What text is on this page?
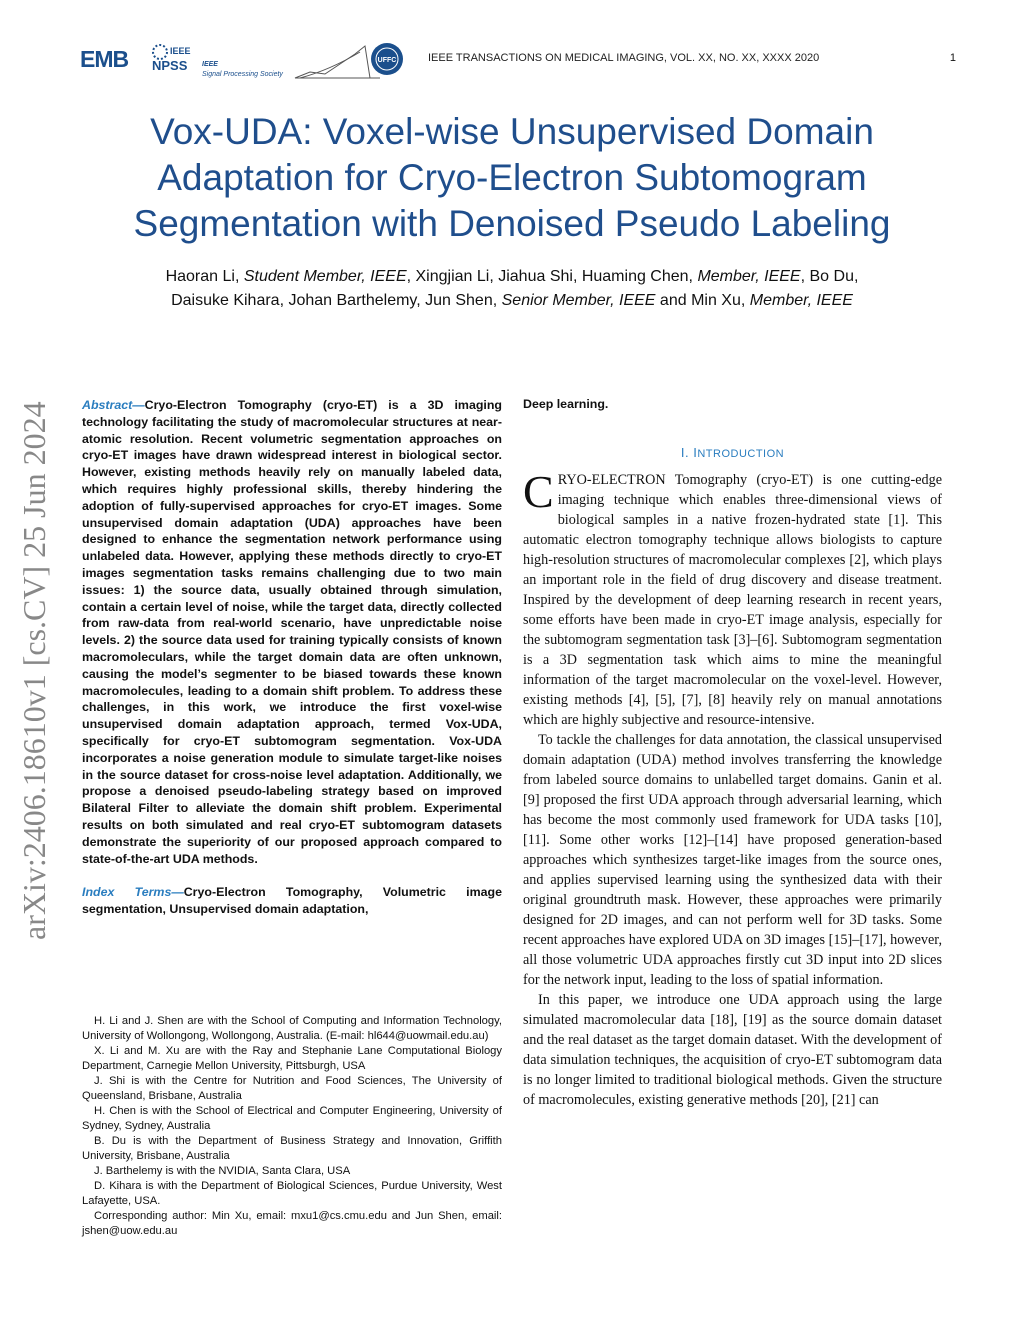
EMB	IEEE
NPSS IEEE
Signal Processing Society
UFFC	IEEE TRANSACTIONS ON MEDICAL IMAGING, VOL. XX, NO. XX, XXXX 2020	1
Vox-UDA: Voxel-wise Unsupervised Domain Adaptation for Cryo-Electron Subtomogram Segmentation with Denoised Pseudo Labeling
Haoran Li, Student Member, IEEE, Xingjian Li, Jiahua Shi, Huaming Chen, Member, IEEE, Bo Du,
Daisuke Kihara, Johan Barthelemy, Jun Shen, Senior Member, IEEE and Min Xu, Member, IEEE
arXiv:2406.18610v1 [cs.CV] 25 Jun 2024	Abstract—Cryo-Electron Tomography (cryo-ET) is a 3D imaging technology facilitating the study of macromolecular structures at near-atomic resolution. Recent volumetric segmentation approaches on cryo-ET images have drawn widespread interest in biological sector. However, existing methods heavily rely on manually labeled data, which requires highly professional skills, thereby hindering the adoption of fully-supervised approaches for cryo-ET images. Some unsupervised domain adaptation (UDA) approaches have been designed to enhance the segmentation network performance using unlabeled data. However, applying these methods directly to cryo-ET images segmentation tasks remains challenging due to two main issues: 1) the source data, usually obtained through simulation, contain a certain level of noise, while the target data, directly collected from raw-data from real-world scenario, have unpredictable noise levels. 2) the source data used for training typically consists of known macromoleculars, while the target domain data are often unknown, causing the model’s segmenter to be biased towards these known macromolecules, leading to a domain shift problem. To address these challenges, in this work, we introduce the first voxel-wise unsupervised domain adaptation approach, termed Vox-UDA, specifically for cryo-ET subtomogram segmentation. Vox-UDA incorporates a noise generation module to simulate target-like noises in the source dataset for cross-noise level adaptation. Additionally, we propose a denoised pseudo-labeling strategy based on improved Bilateral Filter to alleviate the domain shift problem. Experimental results on both simulated and real cryo-ET subtomogram datasets demonstrate the superiority of our proposed approach compared to state-of-the-art UDA methods.

Index Terms—Cryo-Electron Tomography, Volumetric image segmentation, Unsupervised domain adaptation,

H. Li and J. Shen are with the School of Computing and Information Technology, University of Wollongong, Wollongong, Australia. (E-mail: hl644@uowmail.edu.au)

X. Li and M. Xu are with the Ray and Stephanie Lane Computational Biology Department, Carnegie Mellon University, Pittsburgh, USA

J. Shi is with the Centre for Nutrition and Food Sciences, The University of Queensland, Brisbane, Australia

H. Chen is with the School of Electrical and Computer Engineering, University of Sydney, Sydney, Australia

B. Du is with the Department of Business Strategy and Innovation, Griffith University, Brisbane, Australia

J. Barthelemy is with the NVIDIA, Santa Clara, USA

D. Kihara is with the Department of Biological Sciences, Purdue University, West Lafayette, USA.

Corresponding author: Min Xu, email: mxu1@cs.cmu.edu and Jun Shen, email: jshen@uow.edu.au

Deep learning.

I. INTRODUCTION

CRYO-ELECTRON Tomography (cryo-ET) is one cutting-edge imaging technique which enables three-dimensional views of biological samples in a native frozen-hydrated state [1]. This automatic electron tomography technique allows biologists to capture high-resolution structures of macromolecular complexes [2], which plays an important role in the field of drug discovery and disease treatment. Inspired by the development of deep learning research in recent years, some efforts have been made in cryo-ET image analysis, especially for the subtomogram segmentation task [3]–[6]. Subtomogram segmentation is a 3D segmentation task which aims to mine the meaningful information of the target macromolecular on the voxel-level. However, existing methods [4], [5], [7], [8] heavily rely on manual annotations which are highly subjective and resource-intensive.

To tackle the challenges for data annotation, the classical unsupervised domain adaptation (UDA) method involves transferring the knowledge from labeled source domains to unlabelled target domains. Ganin et al. [9] proposed the first UDA approach through adversarial learning, which has become the most commonly used framework for UDA tasks [10], [11]. Some other works [12]–[14] have proposed generation-based approaches which synthesizes target-like images from the source ones, and applies supervised learning using the synthesized data with their original groundtruth mask. However, these approaches were primarily designed for 2D images, and can not perform well for 3D tasks. Some recent approaches have explored UDA on 3D images [15]–[17], however, all those volumetric UDA approaches firstly cut 3D input into 2D slices for the network input, leading to the loss of spatial information.

In this paper, we introduce one UDA approach using the large simulated macromolecular data [18], [19] as the source domain dataset and the real dataset as the target domain dataset. With the development of data simulation techniques, the acquisition of cryo-ET subtomogram data is no longer limited to traditional biological methods. Given the structure of macromolecules, existing generative methods [20], [21] can
